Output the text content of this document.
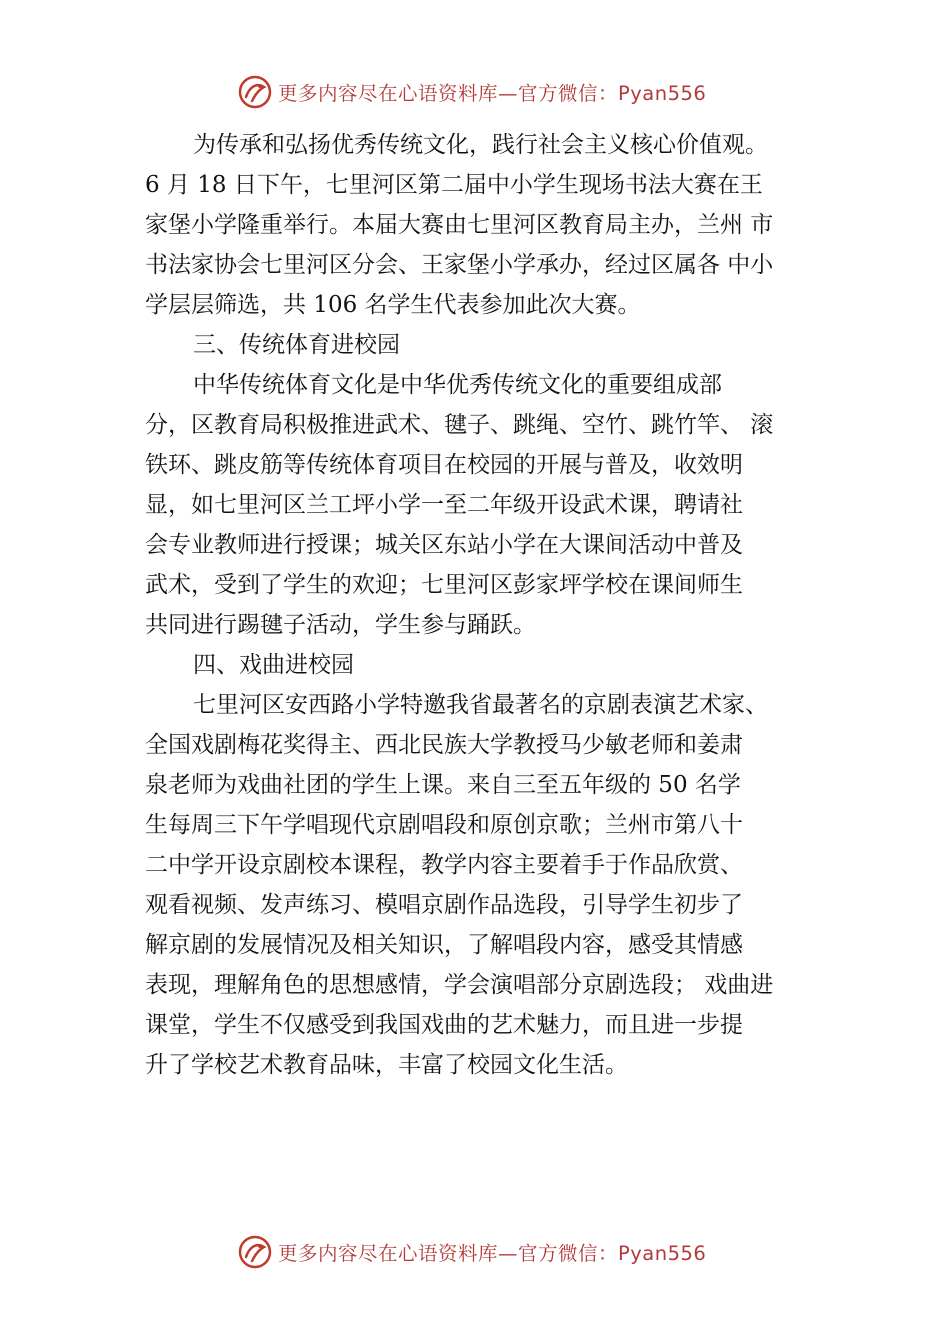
更多内容尽在心语资料库—官方微信：Pyan556
为传承和弘扬优秀传统文化，践行社会主义核心价值观。
6 月 18 日下午，七里河区第二届中小学生现场书法大赛在王
家堡小学隆重举行。本届大赛由七里河区教育局主办，兰州 市
书法家协会七里河区分会、王家堡小学承办，经过区属各 中小
学层层筛选，共 106 名学生代表参加此次大赛。
三、传统体育进校园
中华传统体育文化是中华优秀传统文化的重要组成部
分，区教育局积极推进武术、毽子、跳绳、空竹、跳竹竿、 滚
铁环、跳皮筋等传统体育项目在校园的开展与普及，收效明
显，如七里河区兰工坪小学一至二年级开设武术课，聘请社
会专业教师进行授课；城关区东站小学在大课间活动中普及
武术，受到了学生的欢迎；七里河区彭家坪学校在课间师生
共同进行踢毽子活动，学生参与踊跃。
四、戏曲进校园
七里河区安西路小学特邀我省最著名的京剧表演艺术家、
全国戏剧梅花奖得主、西北民族大学教授马少敏老师和姜肃
泉老师为戏曲社团的学生上课。来自三至五年级的 50 名学
生每周三下午学唱现代京剧唱段和原创京歌；兰州市第八十
二中学开设京剧校本课程，教学内容主要着手于作品欣赏、
观看视频、发声练习、模唱京剧作品选段，引导学生初步了
解京剧的发展情况及相关知识，了解唱段内容，感受其情感
表现，理解角色的思想感情，学会演唱部分京剧选段； 戏曲进
课堂，学生不仅感受到我国戏曲的艺术魅力，而且进一步提
升了学校艺术教育品味，丰富了校园文化生活。
更多内容尽在心语资料库—官方微信：Pyan556
